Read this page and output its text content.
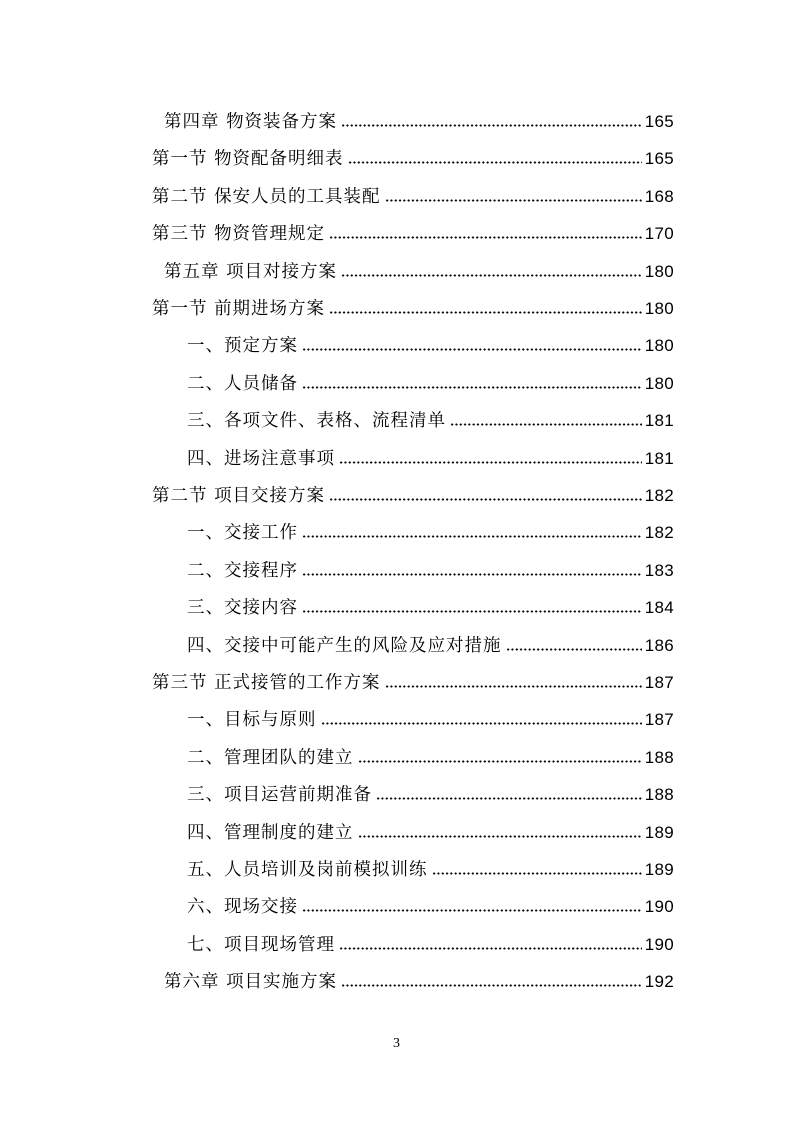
第四章 物资装备方案	165
第一节 物资配备明细表	165
第二节 保安人员的工具装配	168
第三节 物资管理规定	170
第五章 项目对接方案	180
第一节 前期进场方案	180
一、预定方案	180
二、人员储备	180
三、各项文件、表格、流程清单	181
四、进场注意事项	181
第二节 项目交接方案	182
一、交接工作	182
二、交接程序	183
三、交接内容	184
四、交接中可能产生的风险及应对措施	186
第三节 正式接管的工作方案	187
一、目标与原则	187
二、管理团队的建立	188
三、项目运营前期准备	188
四、管理制度的建立	189
五、人员培训及岗前模拟训练	189
六、现场交接	190
七、项目现场管理	190
第六章 项目实施方案	192
3
